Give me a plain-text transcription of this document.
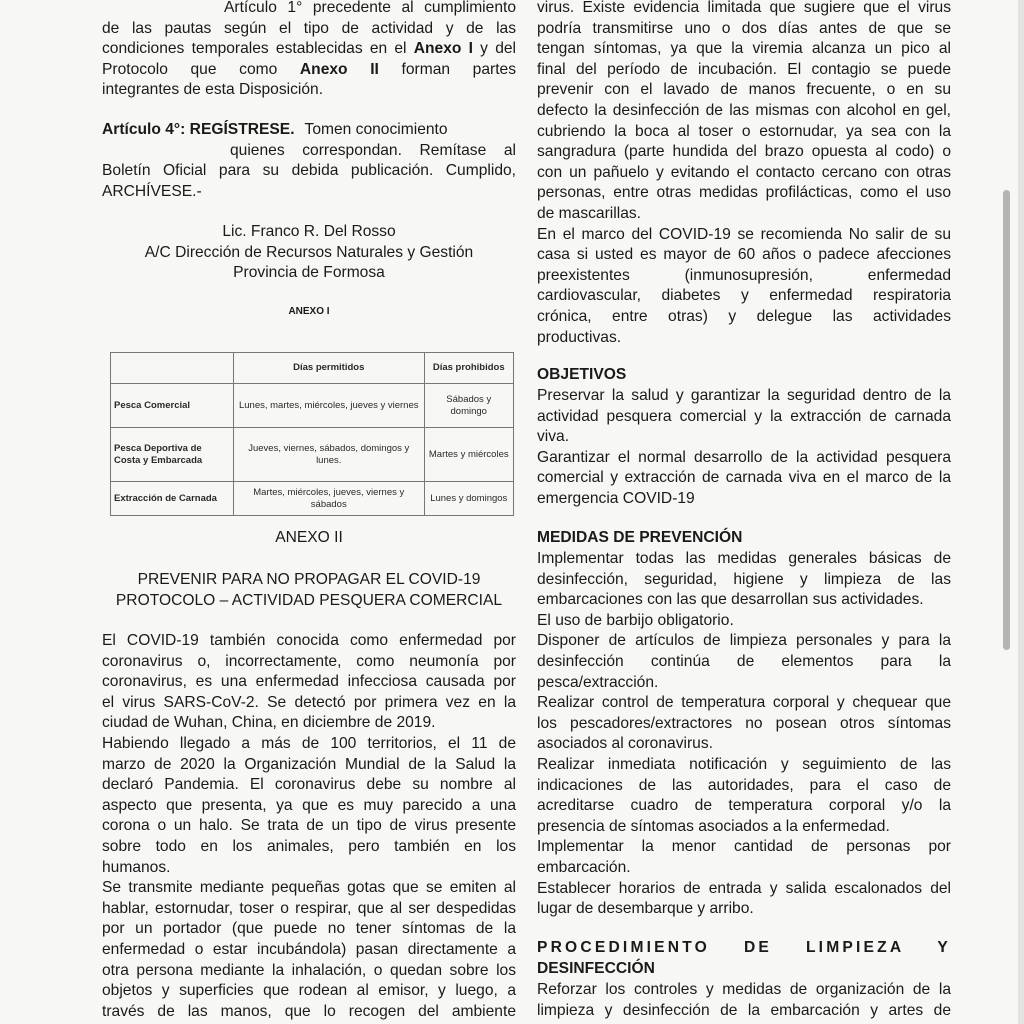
Artículo 1° precedente al cumplimiento

de las pautas según el tipo de actividad y de las

condiciones temporales establecidas en el Anexo I y del

Protocolo que como Anexo II forman partes

integrantes de esta Disposición.

Artículo 4°: REGÍSTRESE. Tomen conocimiento

quienes correspondan. Remítase al

Boletín Oficial para su debida publicación. Cumplido,

ARCHÍVESE.-

Lic. Franco R. Del Rosso

A/C Dirección de Recursos Naturales y Gestión

Provincia de Formosa

ANEXO II

PREVENIR PARA NO PROPAGAR EL COVID-19

PROTOCOLO – ACTIVIDAD PESQUERA COMERCIAL

El COVID-19 también conocida como enfermedad por

coronavirus o, incorrectamente, como neumonía por

coronavirus, es una enfermedad infecciosa causada por

el virus SARS-CoV-2. Se detectó por primera vez en la

ciudad de Wuhan, China, en diciembre de 2019.

Habiendo llegado a más de 100 territorios, el 11 de

marzo de 2020 la Organización Mundial de la Salud la

declaró Pandemia. El coronavirus debe su nombre al

aspecto que presenta, ya que es muy parecido a una

corona o un halo. Se trata de un tipo de virus presente

sobre todo en los animales, pero también en los

humanos.

Se transmite mediante pequeñas gotas que se emiten al

hablar, estornudar, toser o respirar, que al ser despedidas

por un portador (que puede no tener síntomas de la

enfermedad o estar incubándola) pasan directamente a

otra persona mediante la inhalación, o quedan sobre los

objetos y superficies que rodean al emisor, y luego, a

través de las manos, que lo recogen del ambiente

virus. Existe evidencia limitada que sugiere que el virus

podría transmitirse uno o dos días antes de que se

tengan síntomas, ya que la viremia alcanza un pico al

final del período de incubación. El contagio se puede

prevenir con el lavado de manos frecuente, o en su

defecto la desinfección de las mismas con alcohol en gel,

cubriendo la boca al toser o estornudar, ya sea con la

sangradura (parte hundida del brazo opuesta al codo) o

con un pañuelo y evitando el contacto cercano con otras

personas, entre otras medidas profilácticas, como el uso

de mascarillas.

En el marco del COVID-19 se recomienda No salir de su

casa si usted es mayor de 60 años o padece afecciones

preexistentes (inmunosupresión, enfermedad

cardiovascular, diabetes y enfermedad respiratoria

crónica, entre otras) y delegue las actividades

productivas.

OBJETIVOS

Preservar la salud y garantizar la seguridad dentro de la

actividad pesquera comercial y la extracción de carnada

viva.

Garantizar el normal desarrollo de la actividad pesquera

comercial y extracción de carnada viva en el marco de la

emergencia COVID-19

MEDIDAS DE PREVENCIÓN

Implementar todas las medidas generales básicas de

desinfección, seguridad, higiene y limpieza de las

embarcaciones con las que desarrollan sus actividades.

El uso de barbijo obligatorio.

Disponer de artículos de limpieza personales y para la

desinfección continúa de elementos para la

pesca/extracción.

Realizar control de temperatura corporal y chequear que

los pescadores/extractores no posean otros síntomas

asociados al coronavirus.

Realizar inmediata notificación y seguimiento de las

indicaciones de las autoridades, para el caso de

acreditarse cuadro de temperatura corporal y/o la

presencia de síntomas asociados a la enfermedad.

Implementar la menor cantidad de personas por

embarcación.

Establecer horarios de entrada y salida escalonados del

lugar de desembarque y arribo.

PROCEDIMIENTO DE LIMPIEZA Y

DESINFECCIÓN

Reforzar los controles y medidas de organización de la

limpieza y desinfección de la embarcación y artes de

ANEXO I
	Días permitidos	Días prohibidos
Pesca Comercial	Lunes, martes, miércoles, jueves y viernes	Sábados y domingo
Pesca Deportiva de Costa y Embarcada	Jueves, viernes, sábados, domingos y lunes.	Martes y miércoles
Extracción de Carnada	Martes, miércoles, jueves, viernes y sábados	Lunes y domingos
